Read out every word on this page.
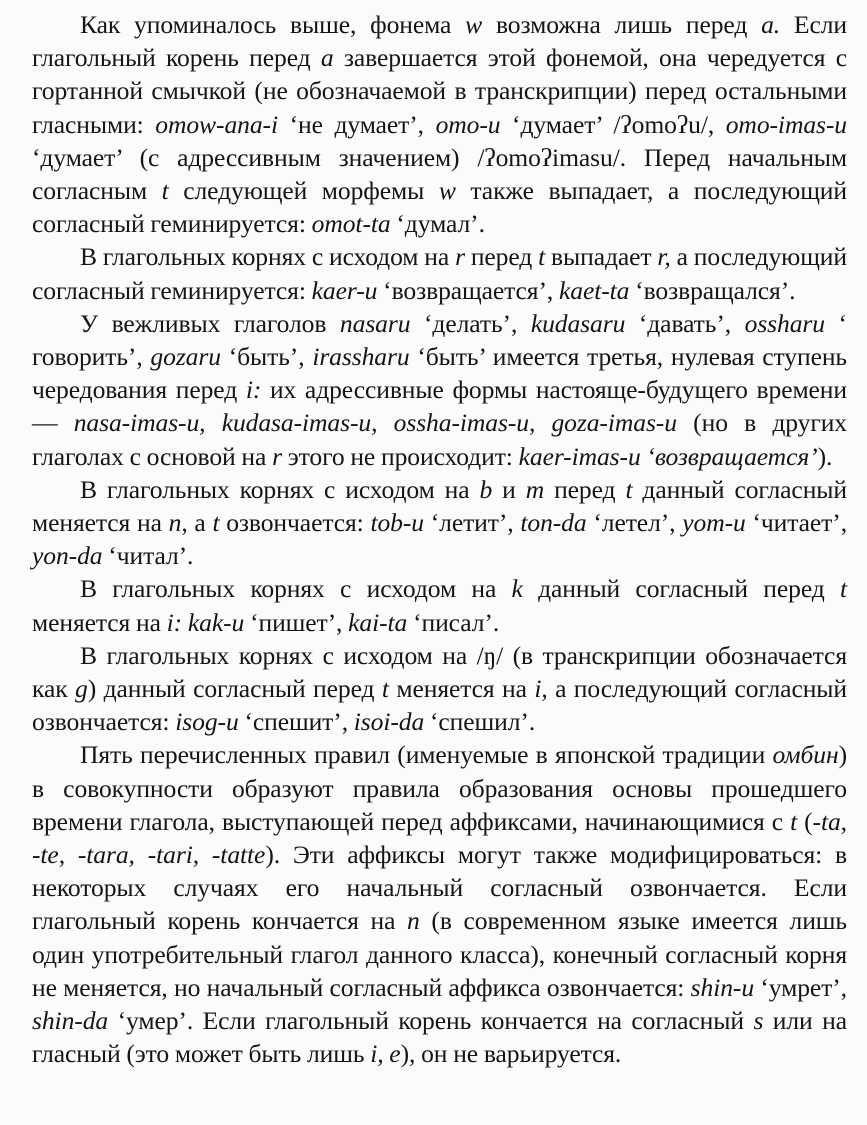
Как упоминалось выше, фонема w возможна лишь перед а. Если глагольный корень перед а завершается этой фонемой, она чередуется с гортанной смычкой (не обозначаемой в транскрипции) перед остальными гласными: omow-ana-i ‘не думает’, omo-u ‘думает’ /ʔomoʔu/, omo-imas-u ‘думает’ (с адрессивным значением) /ʔomoʔimasu/. Перед начальным согласным t следующей морфемы w также выпадает, а последующий согласный геминируется: omot-ta ‘думал’.

В глагольных корнях с исходом на r перед t выпадает r, а последующий согласный геминируется: kaer-u ‘возвращается’, kaet-ta ‘возвращался’.

У вежливых глаголов nasaru ‘делать’, kudasaru ‘давать’, ossharu ‘ говорить’, gozaru ‘быть’, irassharu ‘быть’ имеется третья, нулевая ступень чередования перед i: их адрессивные формы настояще-будущего времени — nasa-imas-u, kudasa-imas-u, ossha-imas-u, goza-imas-u (но в других глаголах с основой на r этого не происходит: kaer-imas-u ‘возвращается’).

В глагольных корнях с исходом на b и m перед t данный согласный меняется на n, а t озвончается: tob-u ‘летит’, ton-da ‘летел’, yom-u ‘читает’, yon-da ‘читал’.

В глагольных корнях с исходом на k данный согласный перед t меняется на i: kak-u ‘пишет’, kai-ta ‘писал’.

В глагольных корнях с исходом на /ŋ/ (в транскрипции обозначается как g) данный согласный перед t меняется на i, а последующий согласный озвончается: isog-u ‘спешит’, isoi-da ‘спешил’.

Пять перечисленных правил (именуемые в японской традиции омбин) в совокупности образуют правила образования основы прошедшего времени глагола, выступающей перед аффиксами, начинающимися с t (-ta, -te, -tara, -tari, -tatte). Эти аффиксы могут также модифицироваться: в некоторых случаях его начальный согласный озвончается. Если глагольный корень кончается на n (в современном языке имеется лишь один употребительный глагол данного класса), конечный согласный корня не меняется, но начальный согласный аффикса озвончается: shin-u ‘умрет’, shin-da ‘умер’. Если глагольный корень кончается на согласный s или на гласный (это может быть лишь i, e), он не варьируется.
